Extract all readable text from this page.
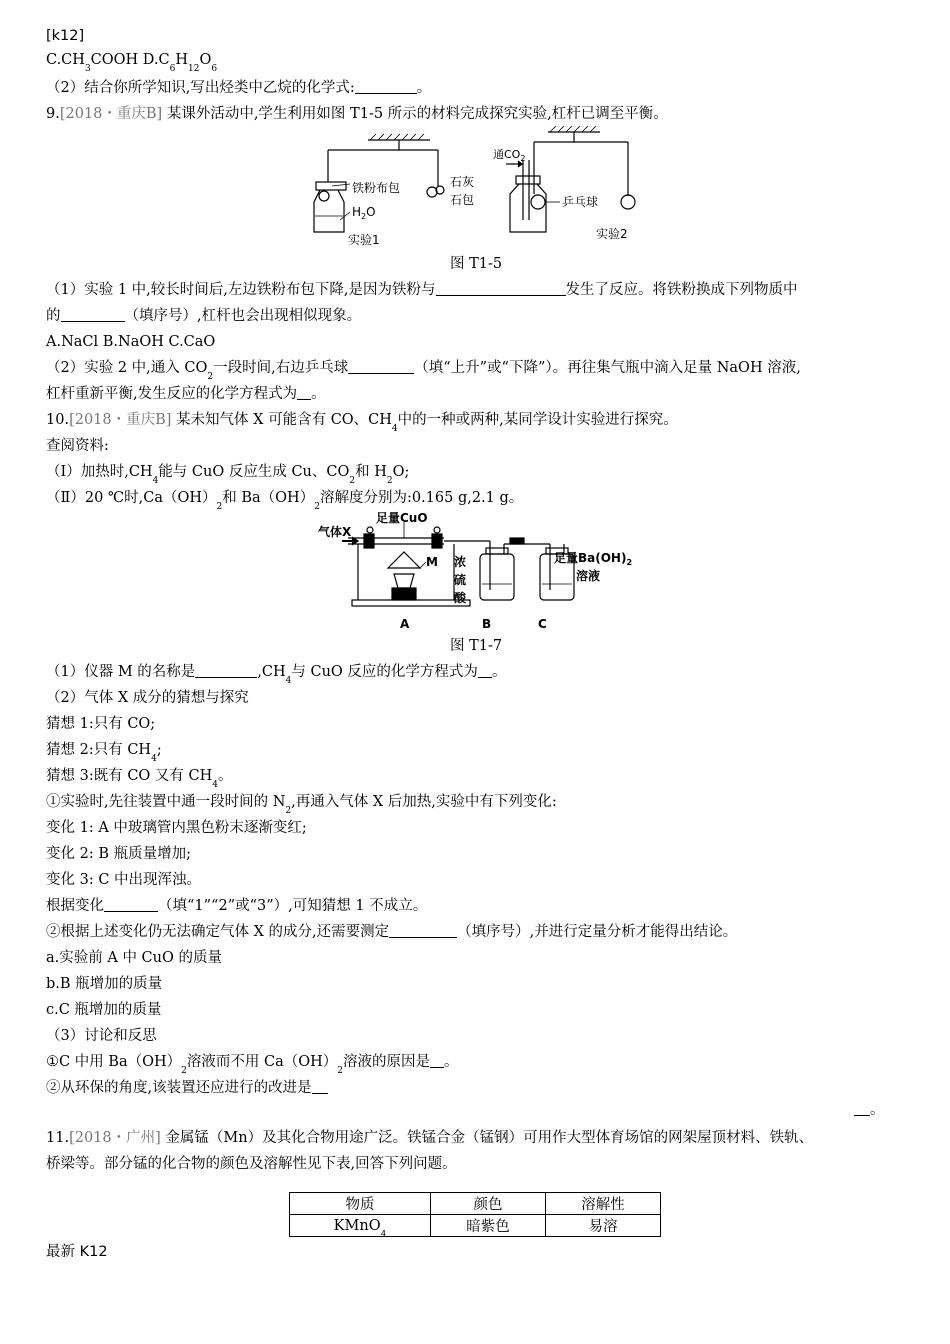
[k12]
$C.CH_3COOH$ $D.C_6H_{12}O_6$
（2）结合你所学知识,写出烃类中乙烷的化学式:	。
9.[2018・重庆B] 某课外活动中,学生利用如图 T1-5 所示的材料完成探究实验,杠杆已调至平衡。
铁粉布包
$H_2O$
石灰
石包
通$CO_2$
乒乓球
实验1	实验2
图 T1-5
（1）实验 1 中,较长时间后,左边铁粉布包下降,是因为铁粉与	发生了反应。将铁粉换成下列物质中
的	（填序号）,杠杆也会出现相似现象。
A.NaCl B.NaOH C.CaO
（2）实验 2 中,通入 $CO_2$一段时间,右边乒乓球	（填“上升”或“下降”）。再往集气瓶中滴入足量 NaOH 溶液,
杠杆重新平衡,发生反应的化学方程式为 。
10.[2018・重庆B] 某未知气体 X 可能含有 CO、$CH_4$中的一种或两种,某同学设计实验进行探究。
查阅资料:
（Ⅰ）加热时$,CH_4$能与 CuO 反应生成 Cu、$CO_2$和 $H_2O$;
（Ⅱ）20 ℃时$,Ca(OH)_2$和 $Ba(OH)_2$溶解度分别为:0.165 g,2.1 g。
气体X
足量CuO
M 浓
硫
酸
足量$Ba(OH)_2$
溶液
A	B	C
图 T1-7
（1）仪器 M 的名称是	$,CH_4$与 CuO 反应的化学方程式为 。
（2）气体 X 成分的猜想与探究
猜想 1:只有 CO;
猜想 2:只有 $CH_4$;
猜想 3:既有 CO 又有 $CH_4$。
①实验时,先往装置中通一段时间的 $N_2$,再通入气体 X 后加热,实验中有下列变化:
变化 1: A 中玻璃管内黑色粉末逐渐变红;
变化 2: B 瓶质量增加;
变化 3: C 中出现浑浊。
根据变化	（填“1”“2”或“3”）,可知猜想 1 不成立。
②根据上述变化仍无法确定气体 X 的成分,还需要测定	（填序号）,并进行定量分析才能得出结论。
a.实验前 A 中 CuO 的质量
b.B 瓶增加的质量
c.C 瓶增加的质量
（3）讨论和反思
①C 中用 $Ba(OH)_2$溶液而不用 $Ca(OH)_2$溶液的原因是 。
②从环保的角度,该装置还应进行的改进是
。
11.[2018・广州] 金属锰（Mn）及其化合物用途广泛。铁锰合金（锰钢）可用作大型体育场馆的网架屋顶材料、铁轨、
桥梁等。部分锰的化合物的颜色及溶解性见下表,回答下列问题。
物质	颜色	溶解性
KMnO$_4$	暗紫色	易溶
最新 K12
